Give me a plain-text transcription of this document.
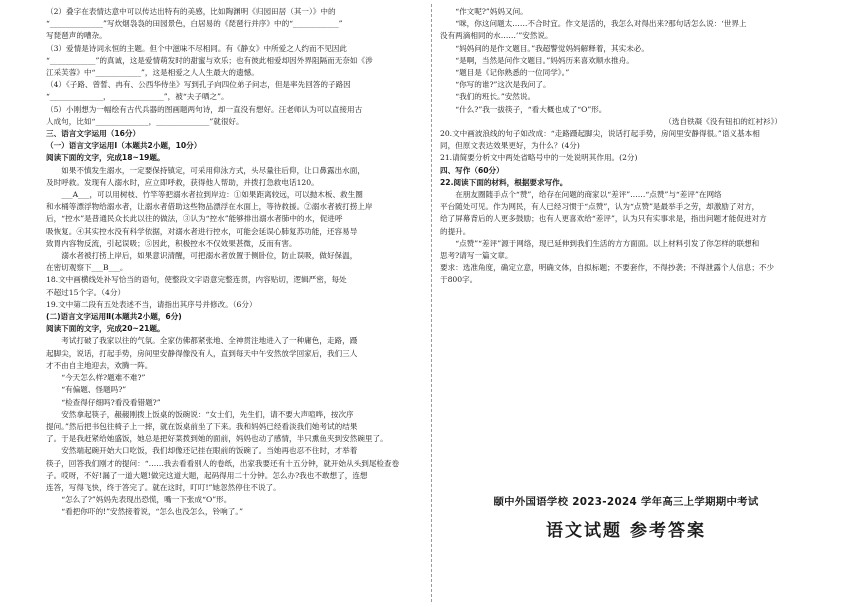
（2）叠字在表情达意中可以传达出特有的美感，比如陶渊明《归园田居（其一）》中的

“______________”写炊烟袅袅的田园景色，白居易的《琵琶行并序》中的“____________”

写琵琶声的嘈杂。

（3）爱情是诗词永恒的主题。但个中滋味不尽相同。有《静女》中所爱之人约而不见因此

“____________”的真诚，这是爱情萌发时的甜蜜与欢乐；也有彼此相爱却因外界阻隔而无奈如《涉

江采芙蓉》中“____________”，这是相爱之人人生最大的遗憾。

（4）《子路、曾皙、冉有、公西华侍坐》写到孔子向四位弟子问志，但是率先回答的子路因

“______________，______________”，被“夫子哂之”。

（5）小刚想为一幅绘有古代兵器的图画题两句诗，却一直没有想好。汪老师认为可以直接用古

人成句，比如“______________，______________”就很好。

三、语言文字运用（16分）

（一）语言文字运用Ⅰ（本题共2小题，10分）

阅读下面的文字，完成18~19题。

如果不慎发生溺水，一定要保持镇定，可采用仰泳方式，头尽量往后仰，让口鼻露出水面，

及时呼救。发现有人溺水时，应立即呼救，获得他人帮助，并拨打急救电话120。

___A___，可以用树枝、竹竿等把溺水者拉到岸边：①如果距离较远，可以抛木板、救生圈

和水桶等漂浮物给溺水者，让溺水者借助这些物品漂浮在水面上，等待救援。②溺水者被打捞上岸

后，“控水”是普通民众长此以往的做法，③认为“控水”能够排出溺水者肺中的水，促进呼

吸恢复。④其实控水没有科学依据，对溺水者进行控水，可能会延误心肺复苏功能，还容易导

致胃内容物反流，引起误吸；⑤因此，积极控水不仅效果甚微，反而有害。

溺水者被打捞上岸后，如果意识清醒，可把溺水者放置于侧卧位，防止误吸，做好保温，

在密切观察下___B___。

18.文中画横线处补写恰当的语句，使整段文字语意完整连贯，内容贴切，逻辑严密，每处

不超过15个字。（4分）

19.文中第二段有五处表述不当，请指出其序号并修改。（6分）

(二)语言文字运用Ⅱ(本题共2小题，6分)

阅读下面的文字，完成20~21题。

考试打破了我家以往的气氛。全家仿佛都紧张地、全神贯注地进入了一种庸色，走路，蹑

起脚尖，说话，打起手势，房间里安静得像没有人，直到每天中午安然放学回家后，我们三人

才不由自主地迎去，欢腾一阵。

“今天怎么样?题难不难?”

“有偏题、怪题吗?”

“检查得仔细吗?看没看错题?”

安然拿起筷子，赧赧刚拨上饭桌的饭碗说：“女士们，先生们，请不要大声喧哗，按次序

提问。”然后把书包往椅子上一摔，就在饭桌前坐了下来。我和妈妈已经看淡我们她考试的结果

了。于是我赶紧给她盛饭，她总是把好菜拨到她的面前，妈妈也动了感情，半只熏鱼夹到安然碗里了。

安然端起碗开始大口吃饭，我们却像还记挂在眼前的饭碗了。当她再也忍不住时，才举着

筷子，回答我们刚才的提问：“……我去看看别人的卷纸，出家我要还有十五分钟，就开始从头到尾检查卷

子。哎呀，不好!漏了一道大题!做完这道大题，起码得用二十分钟。怎么办?我也不敢想了，连想

连答，写得飞快，终于答完了。就在这时，叮叮!”她忽然停住不说了。

“怎么了?”妈妈先表现出恐慌，嘴一下张成“O”形。

“看把你吓的!”安然接着说，“怎么也没怎么，铃响了。”

“作文呢?”妈妈又问。

“咪，你这问题太……不合时宜。作文是活的，我怎么对得出来?那句话怎么说：‘世界上

没有两滴相同的水……’”安然说。

“妈妈问的是作文题目。”我超警觉妈妈解释着，其实未必。

“是啊，当然是问作文题目。”妈妈历来喜欢顺水推舟。

“题目是《记你熟悉的一位同学》。”

“你写的谁?”这次是我问了。

“我们的班长。”安然说。

“什么?”我一拔筷子，“看大概也成了“O”形。

（选自铁凝《没有钮扣的红衬衫》）

20.文中画波浪线的句子如改成：“走路蹑起脚尖，说话打起手势，房间里安静得很。”语义基本相

同，但原文表达效果更好，为什么？(4分)

21.请简要分析文中两处省略号中的一处说明其作用。(2分)

四、写作（60分）

22.阅读下面的材料，根据要求写作。

在朋友圈随手点个“赞”，给存在问题的商家以“差评”……“点赞”与“差评”在网络

平台随处可见。作为网民，有人已经习惯于“点赞”，认为“点赞”是最举手之劳，却激励了对方，

给了屏幕背后的人更多鼓励；也有人更喜欢给“差评”，认为只有实事求是，指出问题才能促进对方

的提升。

“点赞”“差评”源于网络，现已延伸到我们生活的方方面面。以上材料引发了你怎样的联想和

思考?请写一篇文章。

要求：选准角度，确定立意，明确文体，自拟标题；不要套作，不得抄袭；不得泄露个人信息；不少

于800字。

颐中外国语学校 2023-2024 学年高三上学期期中考试
语文试题 参考答案
